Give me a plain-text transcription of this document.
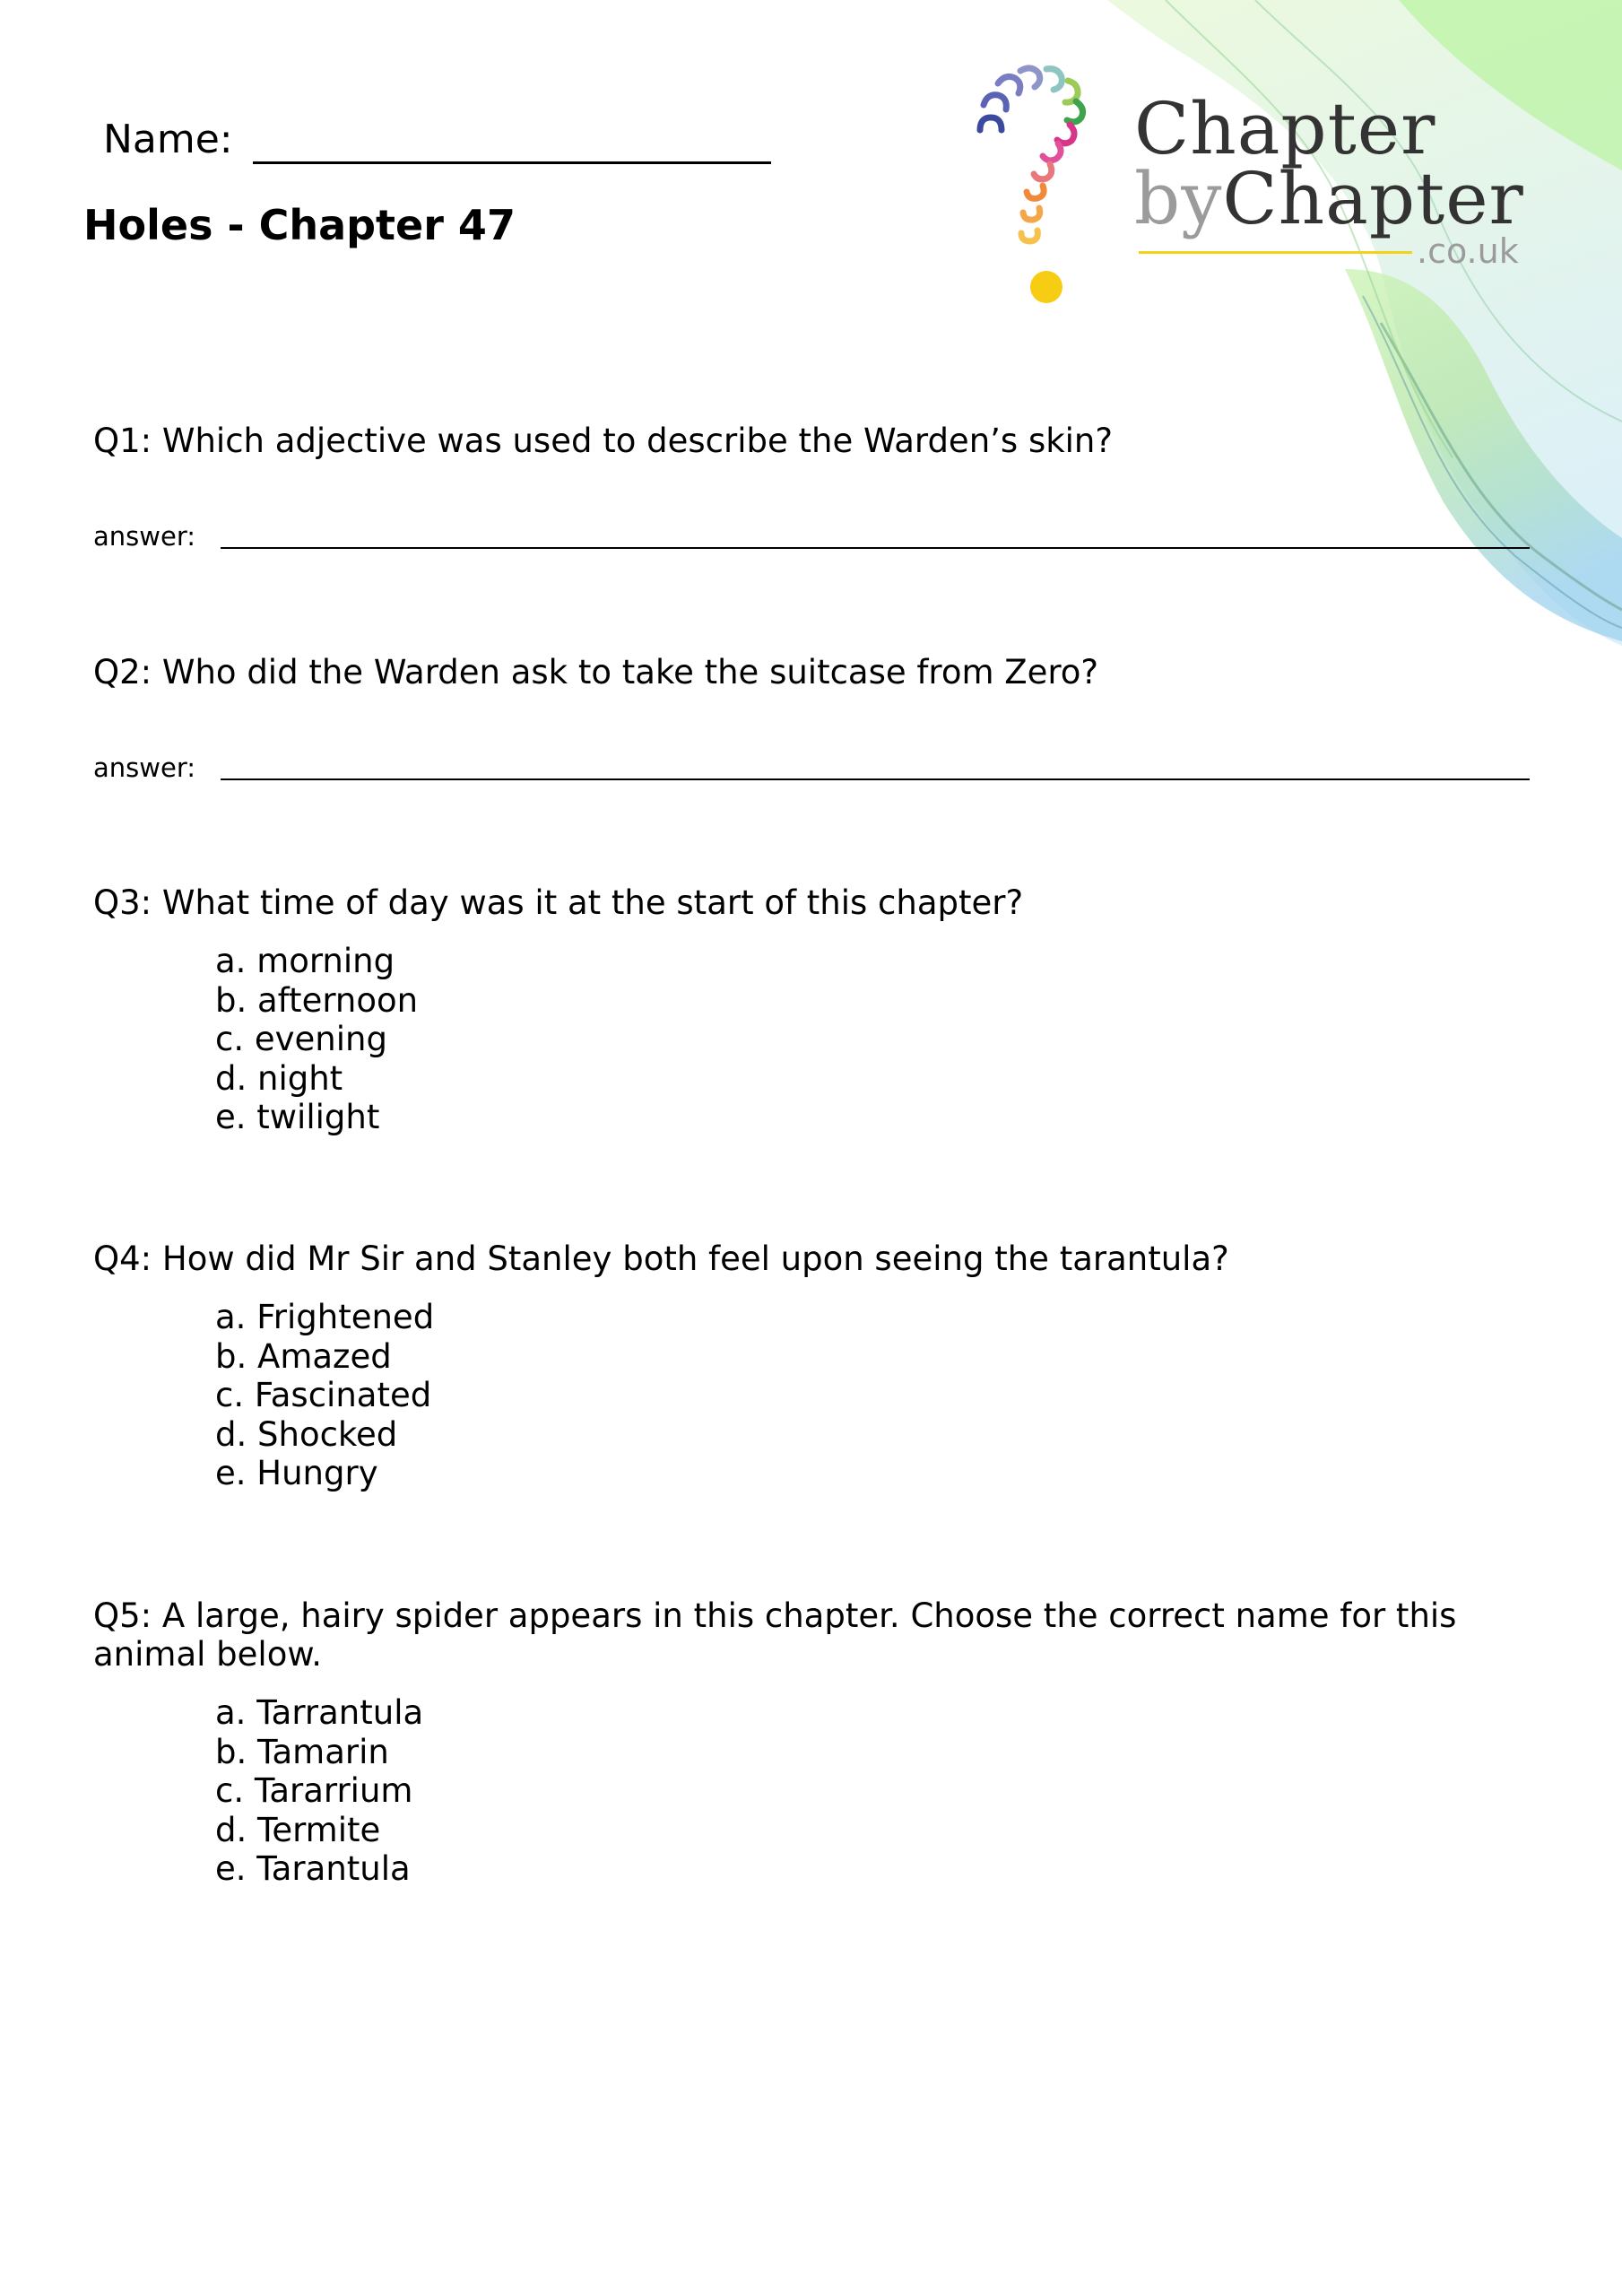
Name:
Holes - Chapter 47
Chapter
byChapter
.co.uk

Q1: Which adjective was used to describe the Warden’s skin?

answer:

Q2: Who did the Warden ask to take the suitcase from Zero?

answer:

Q3: What time of day was it at the start of this chapter?

a. morning
b. afternoon
c. evening
d. night
e. twilight

Q4: How did Mr Sir and Stanley both feel upon seeing the tarantula?

a. Frightened
b. Amazed
c. Fascinated
d. Shocked
e. Hungry

Q5: A large, hairy spider appears in this chapter. Choose the correct name for this animal below.

a. Tarrantula
b. Tamarin
c. Tararrium
d. Termite
e. Tarantula
